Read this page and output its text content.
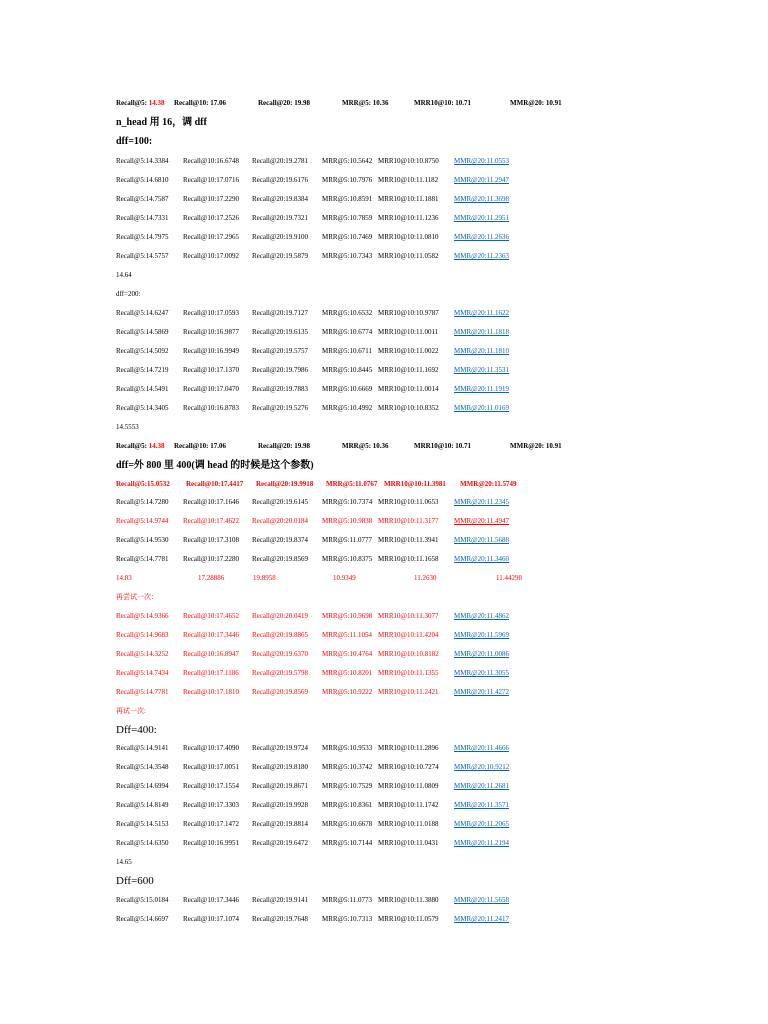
Recall@5: 14.38 Recall@10: 17.06	Recall@20: 19.98	MRR@5: 10.36	MRR10@10: 10.71	MMR@20: 10.91
n_head 用 16，调 dff
dff=100:
Recall@5:14.3384 Recall@10:16.6748 Recall@20:19.2781 MRR@5:10.5642 MRR10@10:10.8750 MMR@20:11.0553
Recall@5:14.6810 Recall@10:17.0716 Recall@20:19.6176 MRR@5:10.7976 MRR10@10:11.1182 MMR@20:11.2947
Recall@5:14.7587 Recall@10:17.2290 Recall@20:19.8384 MRR@5:10.8591 MRR10@10:11.1881 MMR@20:11.3698
Recall@5:14.7331 Recall@10:17.2526 Recall@20:19.7321 MRR@5:10.7859 MRR10@10:11.1236 MMR@20:11.2951
Recall@5:14.7975 Recall@10:17.2965 Recall@20:19.9100 MRR@5:10.7469 MRR10@10:11.0810 MMR@20:11.2636
Recall@5:14.5757 Recall@10:17.0092 Recall@20:19.5879 MRR@5:10.7343 MRR10@10:11.0582 MMR@20:11.2363
14.64
dff=200:
Recall@5:14.6247 Recall@10:17.0593 Recall@20:19.7127 MRR@5:10.6532 MRR10@10:10.9787 MMR@20:11.1622
Recall@5:14.5869 Recall@10:16.9877 Recall@20:19.6135 MRR@5:10.6774 MRR10@10:11.0011 MMR@20:11.1818
Recall@5:14.5092 Recall@10:16.9949 Recall@20:19.5757 MRR@5:10.6711 MRR10@10:11.0022 MMR@20:11.1810
Recall@5:14.7219 Recall@10:17.1370 Recall@20:19.7986 MRR@5:10.8445 MRR10@10:11.1692 MMR@20:11.3531
Recall@5:14.5491 Recall@10:17.0470 Recall@20:19.7883 MRR@5:10.6669 MRR10@10:11.0014 MMR@20:11.1919
Recall@5:14.3405 Recall@10:16.8783 Recall@20:19.5276 MRR@5:10.4992 MRR10@10:10.8352 MMR@20:11.0169
14.5553
Recall@5: 14.38 Recall@10: 17.06	Recall@20: 19.98	MRR@5: 10.36	MRR10@10: 10.71	MMR@20: 10.91
dff=外 800 里 400(调 head 的时候是这个参数)
Recall@5:15.0532 Recall@10:17.4417 Recall@20:19.9918 MRR@5:11.0767 MRR10@10:11.3981 MMR@20:11.5749
Recall@5:14.7280 Recall@10:17.1646 Recall@20:19.6145 MRR@5:10.7374 MRR10@10:11.0653 MMR@20:11.2345
Recall@5:14.9744 Recall@10:17.4622 Recall@20:20.0184 MRR@5:10.9838 MRR10@10:11.3177 MMR@20:11.4947
Recall@5:14.9530 Recall@10:17.3108 Recall@20:19.8374 MRR@5:11.0777 MRR10@10:11.3941 MMR@20:11.5688
Recall@5:14.7781 Recall@10:17.2280 Recall@20:19.8569 MRR@5:10.8375 MRR10@10:11.1658 MMR@20:11.3460
14.83	17.28886	19.8958	10.9349	11.2630	11.44298
再尝试一次：
Recall@5:14.9366 Recall@10:17.4652 Recall@20:20.0419 MRR@5:10.9698 MRR10@10:11.3077 MMR@20:11.4862
Recall@5:14.9683 Recall@10:17.3446 Recall@20:19.8865 MRR@5:11.1054 MRR10@10:11.4204 MMR@20:11.5969
Recall@5:14.3252 Recall@10:16.8947 Recall@20:19.6370 MRR@5:10.4764 MRR10@10:10.8182 MMR@20:11.0086
Recall@5:14.7434 Recall@10:17.1186 Recall@20:19.5798 MRR@5:10.8201 MRR10@10:11.1355 MMR@20:11.3055
Recall@5:14.7781 Recall@10:17.1810 Recall@20:19.8569 MRR@5:10.9222 MRR10@10:11.2421 MMR@20:11.4272
再试一次:
Dff=400:
Recall@5:14.9141 Recall@10:17.4090 Recall@20:19.9724 MRR@5:10.9533 MRR10@10:11.2896 MMR@20:11.4666
Recall@5:14.3548 Recall@10:17.0051 Recall@20:19.8180 MRR@5:10.3742 MRR10@10:10.7274 MMR@20:10.9212
Recall@5:14.6994 Recall@10:17.1554 Recall@20:19.8671 MRR@5:10.7529 MRR10@10:11.0809 MMR@20:11.2681
Recall@5:14.8149 Recall@10:17.3303 Recall@20:19.9928 MRR@5:10.8361 MRR10@10:11.1742 MMR@20:11.3571
Recall@5:14.5153 Recall@10:17.1472 Recall@20:19.8814 MRR@5:10.6678 MRR10@10:11.0188 MMR@20:11.2065
Recall@5:14.6350 Recall@10:16.9951 Recall@20:19.6472 MRR@5:10.7144 MRR10@10:11.0431 MMR@20:11.2194
14.65
Dff=600
Recall@5:15.0184 Recall@10:17.3446 Recall@20:19.9141 MRR@5:11.0773 MRR10@10:11.3880 MMR@20:11.5658
Recall@5:14.6697 Recall@10:17.1074 Recall@20:19.7648 MRR@5:10.7313 MRR10@10:11.0579 MMR@20:11.2417
